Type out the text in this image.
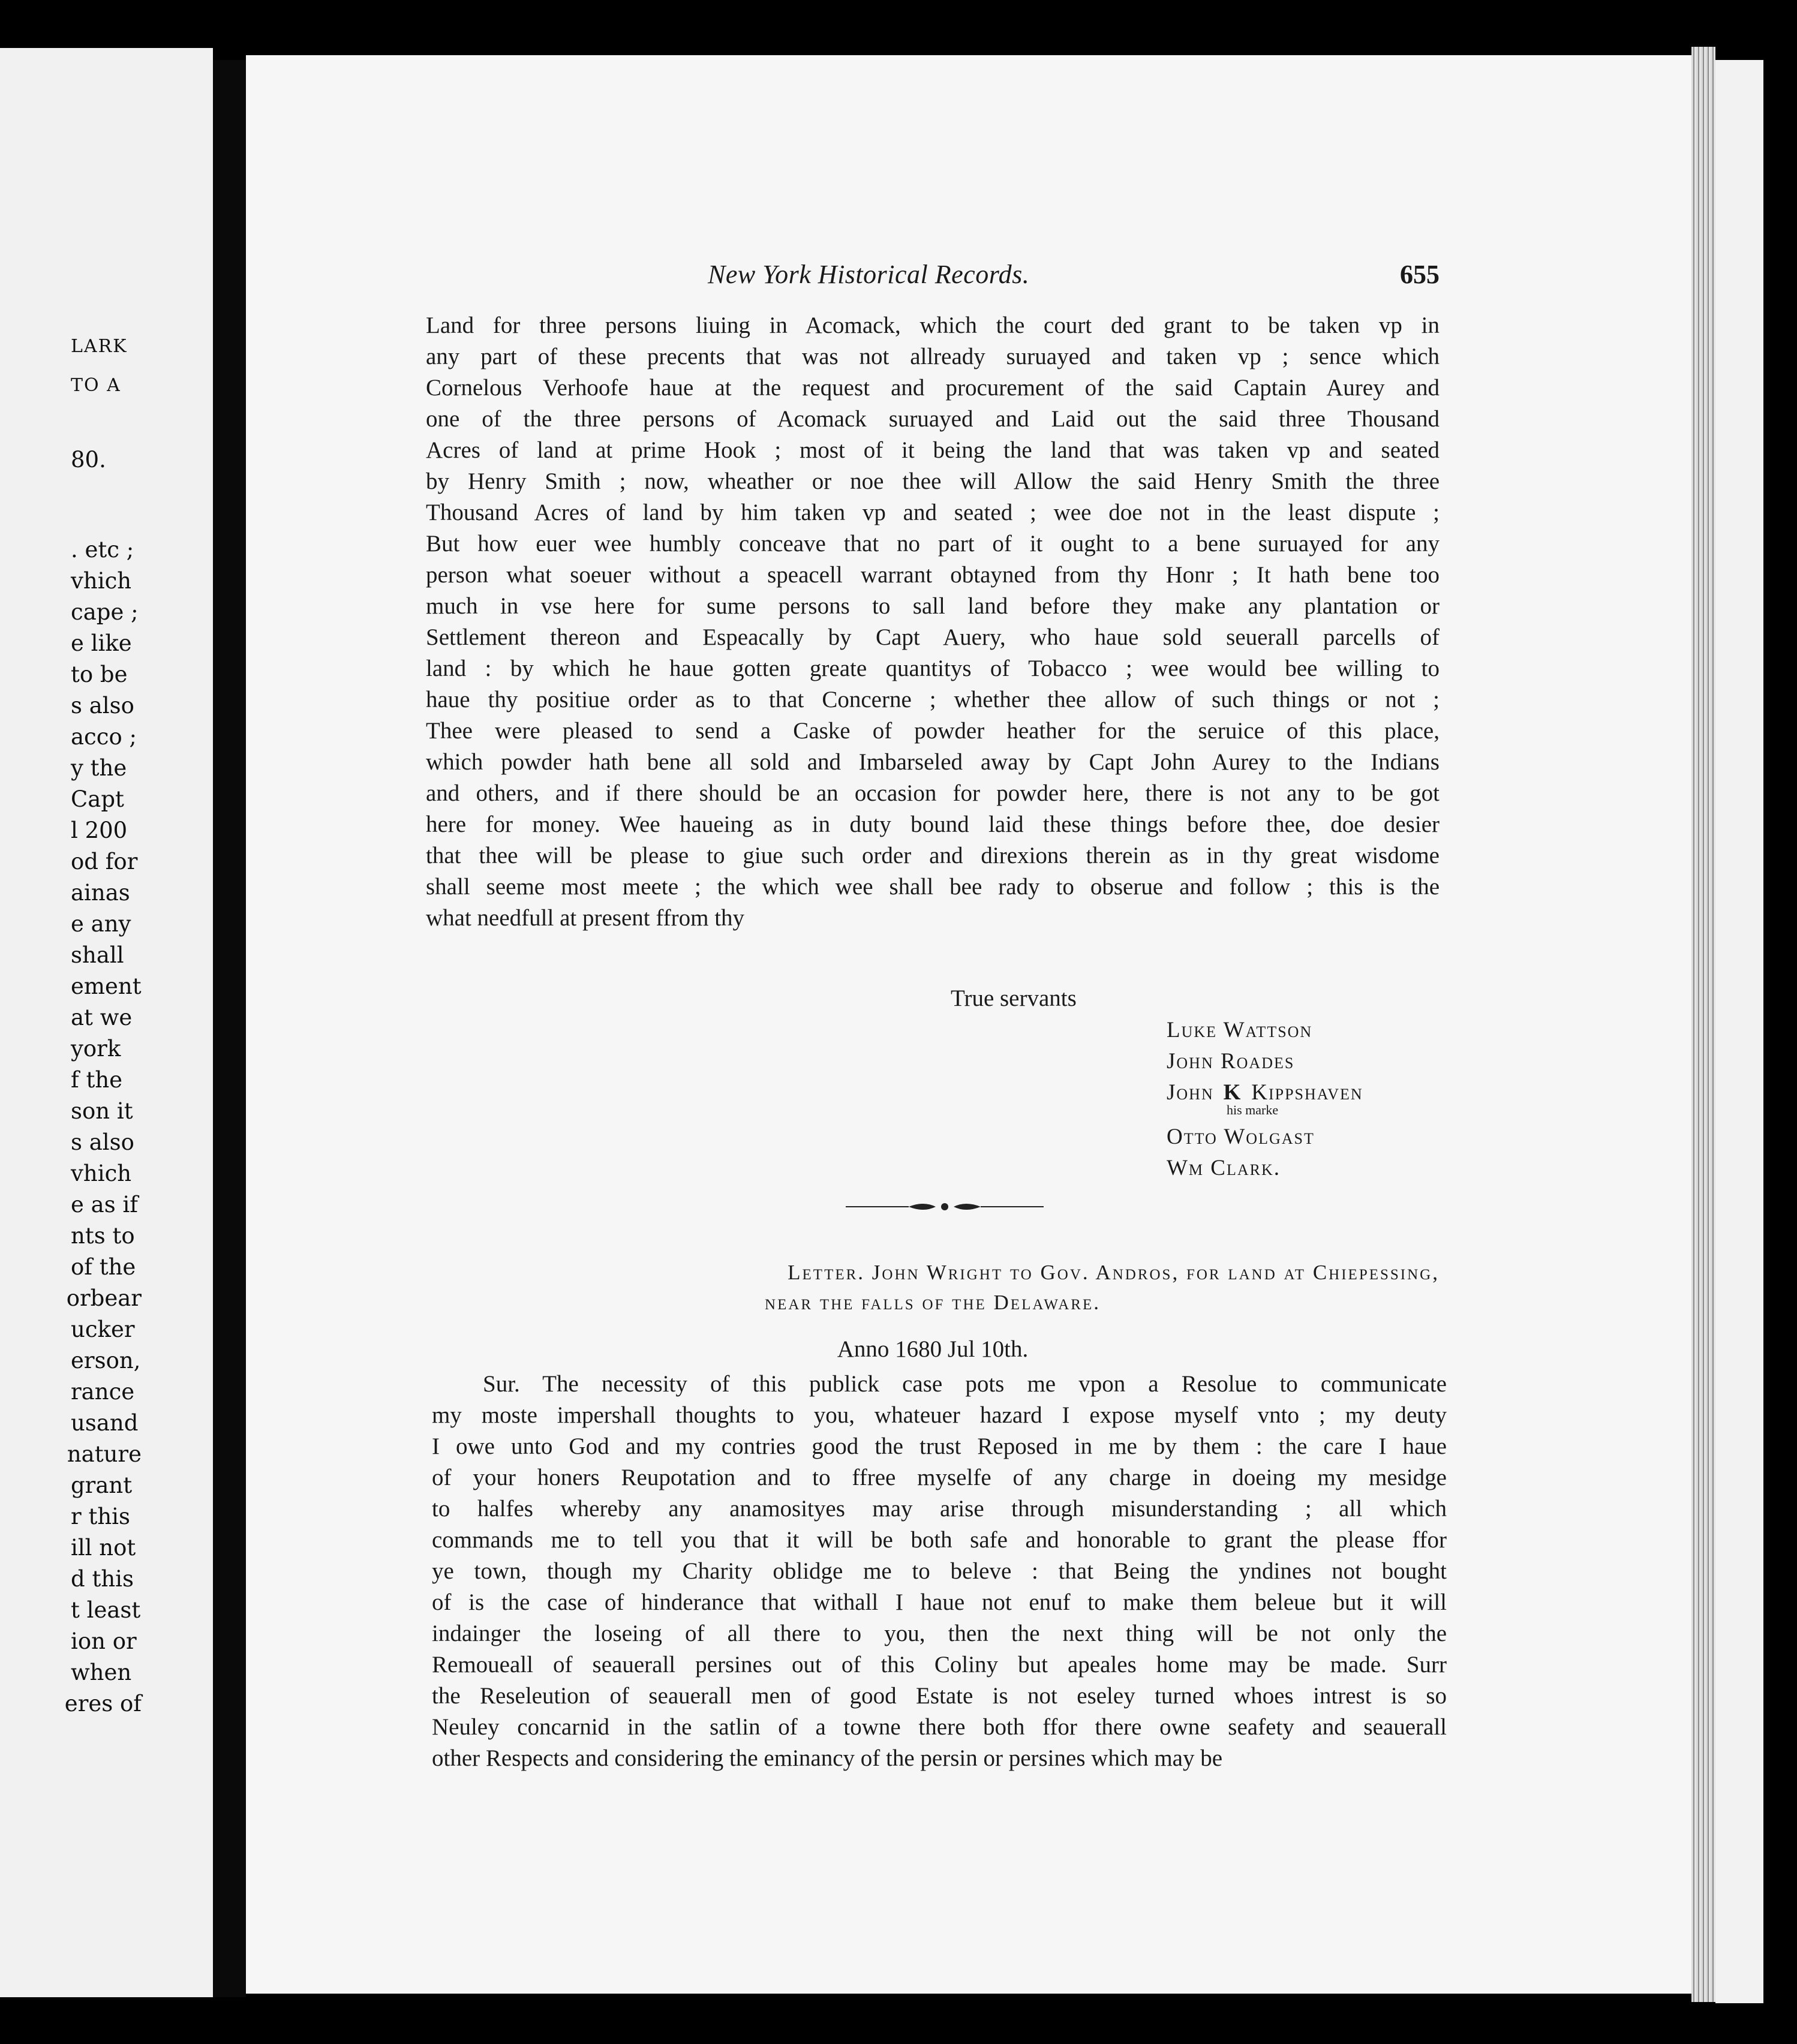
LARK
TO A
80.
. etc ;
vhich
cape ;
e like
to be
s also
acco ;
y the
Capt
l 200
od for
ainas
e any
shall
ement
at we
york
f the
son it
s also
vhich
e as if
nts to
of the
orbear
ucker
erson,
rance
usand
nature
grant
r this
ill not
d this
t least
ion or
when
eres of
New York Historical Records.	655
Land for three persons liuing in Acomack, which the court ded grant to be taken vp in
any part of these precents that was not allready suruayed and taken vp ; sence which
Cornelous Verhoofe haue at the request and procurement of the said Captain Aurey and
one of the three persons of Acomack suruayed and Laid out the said three Thousand
Acres of land at prime Hook ; most of it being the land that was taken vp and seated
by Henry Smith ; now, wheather or noe thee will Allow the said Henry Smith the three
Thousand Acres of land by him taken vp and seated ; wee doe not in the least dispute ;
But how euer wee humbly conceave that no part of it ought to a bene suruayed for any
person what soeuer without a speacell warrant obtayned from thy Honr ; It hath bene too
much in vse here for sume persons to sall land before they make any plantation or
Settlement thereon and Espeacally by Capt Auery, who haue sold seuerall parcells of
land : by which he haue gotten greate quantitys of Tobacco ; wee would bee willing to
haue thy positiue order as to that Concerne ; whether thee allow of such things or not ;
Thee were pleased to send a Caske of powder heather for the seruice of this place,
which powder hath bene all sold and Imbarseled away by Capt John Aurey to the Indians
and others, and if there should be an occasion for powder here, there is not any to be got
here for money. Wee haueing as in duty bound laid these things before thee, doe desier
that thee will be please to giue such order and direxions therein as in thy great wisdome
shall seeme most meete ; the which wee shall bee rady to obserue and follow ; this is the
what needfull at present ffrom thy
True servants
Luke Wattson
John Roades
John K Kippshaven
his marke
Otto Wolgast
Wm Clark.
Letter. John Wright to Gov. Andros, for land at Chiepessing,
near the falls of the Delaware.
Anno 1680 Jul 10th.
Sur. The necessity of this publick case pots me vpon a Resolue to communicate
my moste impershall thoughts to you, whateuer hazard I expose myself vnto ; my deuty
I owe unto God and my contries good the trust Reposed in me by them : the care I haue
of your honers Reupotation and to ffree myselfe of any charge in doeing my mesidge
to halfes whereby any anamosityes may arise through misunderstanding ; all which
commands me to tell you that it will be both safe and honorable to grant the please ffor
ye town, though my Charity oblidge me to beleve : that Being the yndines not bought
of is the case of hinderance that withall I haue not enuf to make them beleue but it will
indainger the loseing of all there to you, then the next thing will be not only the
Remoueall of seauerall persines out of this Coliny but apeales home may be made. Surr
the Reseleution of seauerall men of good Estate is not eseley turned whoes intrest is so
Neuley concarnid in the satlin of a towne there both ffor there owne seafety and seauerall
other Respects and considering the eminancy of the persin or persines which may be
